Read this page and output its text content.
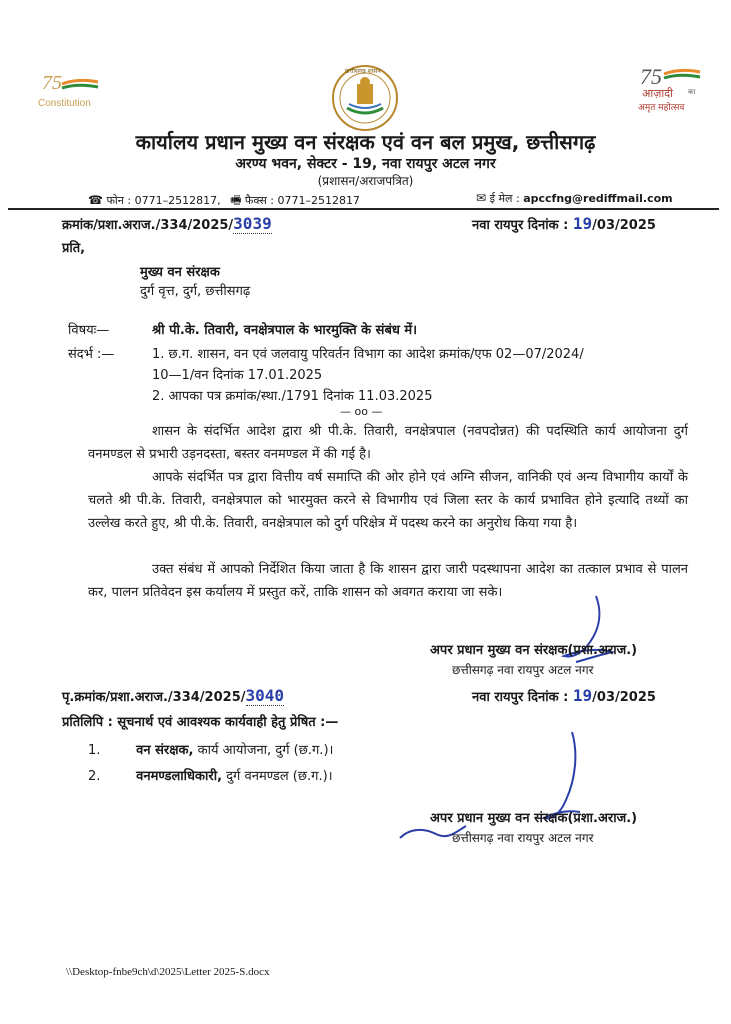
75
Constitution
छत्तीसगढ़ शासन	75
आज़ादी का
अमृत महोत्सव
कार्यालय प्रधान मुख्य वन संरक्षक एवं वन बल प्रमुख, छत्तीसगढ़
अरण्य भवन, सेक्टर - 19, नवा रायपुर अटल नगर
(प्रशासन/अराजपत्रित)
☎ फोन : 0771–2512817, 🖷 फैक्स : 0771–2512817	✉ ई मेल : apccfng@rediffmail.com
क्रमांक/प्रशा.अराज./334/2025/3039	नवा रायपुर दिनांक : 19/03/2025
प्रति,
मुख्य वन संरक्षक
दुर्ग वृत्त, दुर्ग, छत्तीसगढ़
विषयः—	श्री पी.के. तिवारी, वनक्षेत्रपाल के भारमुक्ति के संबंध में।
संदर्भ :—	1. छ.ग. शासन, वन एवं जलवायु परिवर्तन विभाग का आदेश क्रमांक/एफ 02—07/2024/
10—1/वन दिनांक 17.01.2025
2. आपका पत्र क्रमांक/स्था./1791 दिनांक 11.03.2025
— oo —
शासन के संदर्भित आदेश द्वारा श्री पी.के. तिवारी, वनक्षेत्रपाल (नवपदोन्नत) की पदस्थिति कार्य आयोजना दुर्ग वनमण्डल से प्रभारी उड़नदस्ता, बस्तर वनमण्डल में की गई है।
आपके संदर्भित पत्र द्वारा वित्तीय वर्ष समाप्ति की ओर होने एवं अग्नि सीजन, वानिकी एवं अन्य विभागीय कार्यों के चलते श्री पी.के. तिवारी, वनक्षेत्रपाल को भारमुक्त करने से विभागीय एवं जिला स्तर के कार्य प्रभावित होने इत्यादि तथ्यों का उल्लेख करते हुए, श्री पी.के. तिवारी, वनक्षेत्रपाल को दुर्ग परिक्षेत्र में पदस्थ करने का अनुरोध किया गया है।
उक्त संबंध में आपको निर्देशित किया जाता है कि शासन द्वारा जारी पदस्थापना आदेश का तत्काल प्रभाव से पालन कर, पालन प्रतिवेदन इस कर्यालय में प्रस्तुत करें, ताकि शासन को अवगत कराया जा सके।
अपर प्रधान मुख्य वन संरक्षक(प्रशा.अराज.)
छत्तीसगढ़ नवा रायपुर अटल नगर
पृ.क्रमांक/प्रशा.अराज./334/2025/3040	नवा रायपुर दिनांक : 19/03/2025
प्रतिलिपि : सूचनार्थ एवं आवश्यक कार्यवाही हेतु प्रेषित :—
1.	वन संरक्षक, कार्य आयोजना, दुर्ग (छ.ग.)।
2.	वनमण्डलाधिकारी, दुर्ग वनमण्डल (छ.ग.)।
अपर प्रधान मुख्य वन संरक्षक(प्रशा.अराज.)
छत्तीसगढ़ नवा रायपुर अटल नगर
\\Desktop-fnbe9ch\d\2025\Letter 2025-S.docx
